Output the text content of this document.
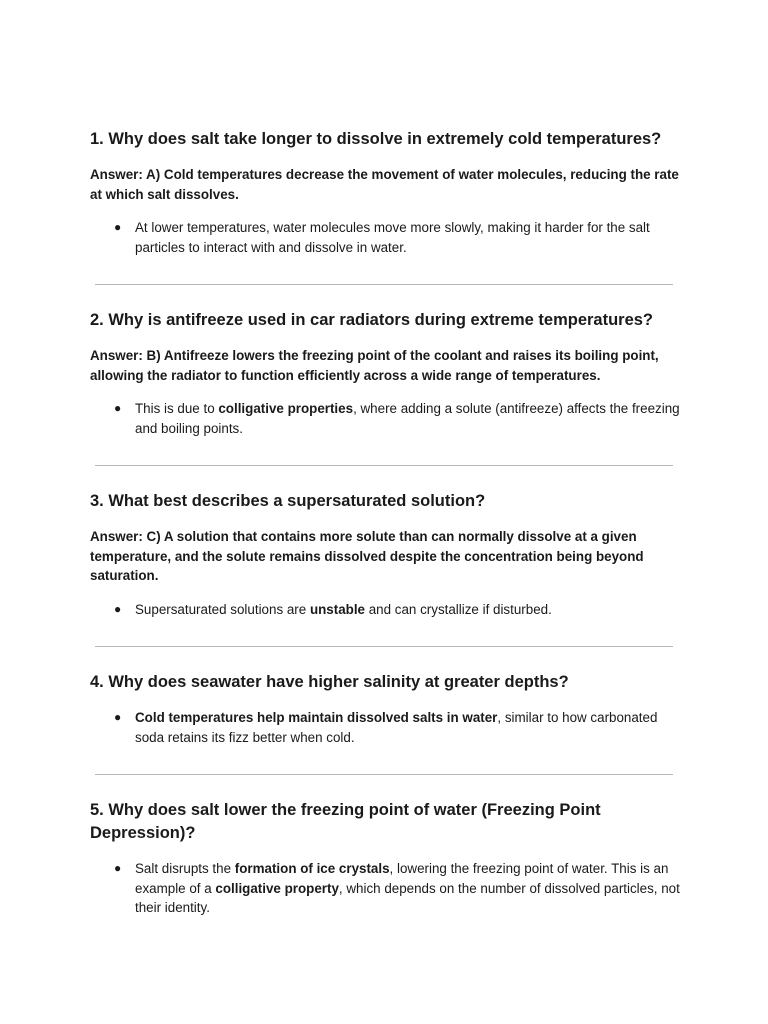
1. Why does salt take longer to dissolve in extremely cold temperatures?

Answer: A) Cold temperatures decrease the movement of water molecules, reducing the rate at which salt dissolves.

● At lower temperatures, water molecules move more slowly, making it harder for the salt particles to interact with and dissolve in water.
2. Why is antifreeze used in car radiators during extreme temperatures?

Answer: B) Antifreeze lowers the freezing point of the coolant and raises its boiling point, allowing the radiator to function efficiently across a wide range of temperatures.

● This is due to colligative properties, where adding a solute (antifreeze) affects the freezing and boiling points.
3. What best describes a supersaturated solution?

Answer: C) A solution that contains more solute than can normally dissolve at a given temperature, and the solute remains dissolved despite the concentration being beyond saturation.

● Supersaturated solutions are unstable and can crystallize if disturbed.
4. Why does seawater have higher salinity at greater depths?
● Cold temperatures help maintain dissolved salts in water, similar to how carbonated soda retains its fizz better when cold.
5. Why does salt lower the freezing point of water (Freezing Point Depression)?
● Salt disrupts the formation of ice crystals, lowering the freezing point of water. This is an example of a colligative property, which depends on the number of dissolved particles, not their identity.
